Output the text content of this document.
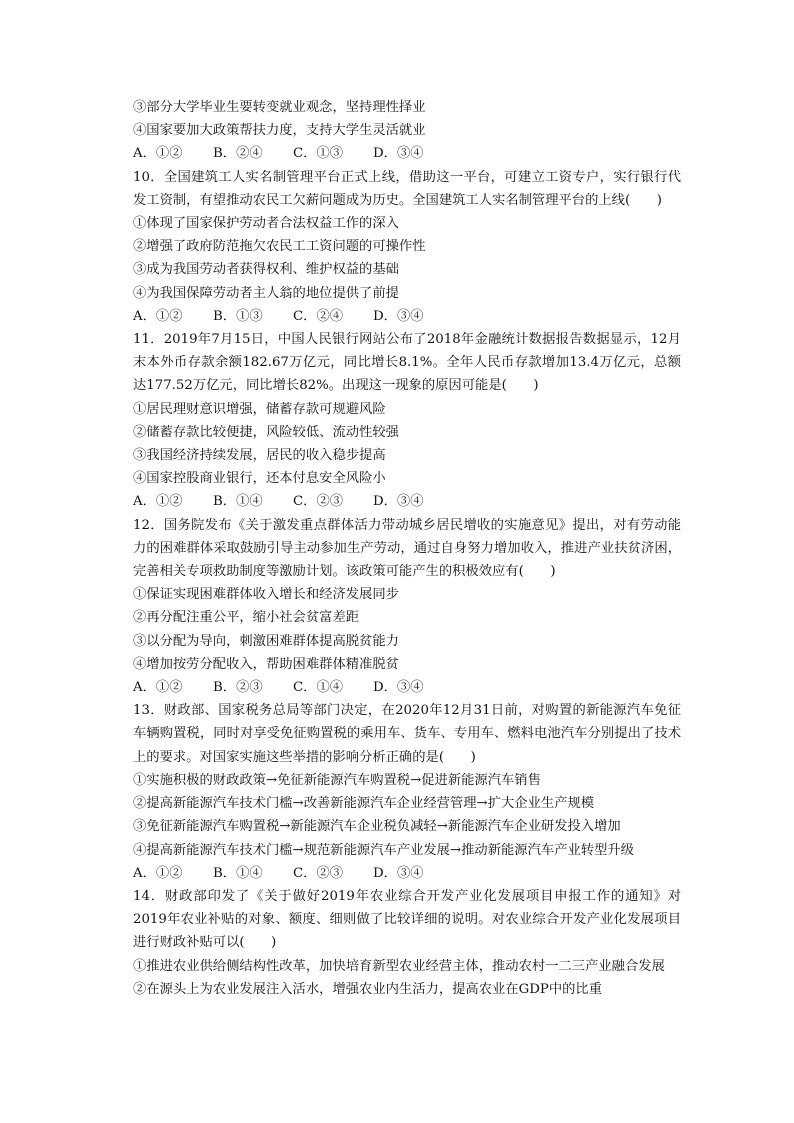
③部分大学毕业生要转变就业观念，坚持理性择业

④国家要加大政策帮扶力度，支持大学生灵活就业

A．①② B．②④ C．①③ D．③④

10．全国建筑工人实名制管理平台正式上线，借助这一平台，可建立工资专户，实行银行代发工资制，有望推动农民工欠薪问题成为历史。全国建筑工人实名制管理平台的上线(　　)

①体现了国家保护劳动者合法权益工作的深入

②增强了政府防范拖欠农民工工资问题的可操作性

③成为我国劳动者获得权利、维护权益的基础

④为我国保障劳动者主人翁的地位提供了前提

A．①② B．①③ C．②④ D．③④

11．2019年7月15日，中国人民银行网站公布了2018年金融统计数据报告数据显示，12月末本外币存款余额182.67万亿元，同比增长8.1%。全年人民币存款增加13.4万亿元，总额达177.52万亿元，同比增长82%。出现这一现象的原因可能是(　　)

①居民理财意识增强，储蓄存款可规避风险

②储蓄存款比较便捷，风险较低、流动性较强

③我国经济持续发展，居民的收入稳步提高

④国家控股商业银行，还本付息安全风险小

A．①② B．①④ C．②③ D．③④

12．国务院发布《关于激发重点群体活力带动城乡居民增收的实施意见》提出，对有劳动能力的困难群体采取鼓励引导主动参加生产劳动，通过自身努力增加收入，推进产业扶贫济困，完善相关专项救助制度等激励计划。该政策可能产生的积极效应有(　　)

①保证实现困难群体收入增长和经济发展同步

②再分配注重公平，缩小社会贫富差距

③以分配为导向，刺激困难群体提高脱贫能力

④增加按劳分配收入，帮助困难群体精准脱贫

A．①② B．②③ C．①④ D．③④

13．财政部、国家税务总局等部门决定，在2020年12月31日前，对购置的新能源汽车免征车辆购置税，同时对享受免征购置税的乘用车、货车、专用车、燃料电池汽车分别提出了技术上的要求。对国家实施这些举措的影响分析正确的是(　　)

①实施积极的财政政策→免征新能源汽车购置税→促进新能源汽车销售

②提高新能源汽车技术门槛→改善新能源汽车企业经营管理→扩大企业生产规模

③免征新能源汽车购置税→新能源汽车企业税负减轻→新能源汽车企业研发投入增加

④提高新能源汽车技术门槛→规范新能源汽车产业发展→推动新能源汽车产业转型升级

A．①② B．①④ C．②③ D．③④

14．财政部印发了《关于做好2019年农业综合开发产业化发展项目申报工作的通知》对2019年农业补贴的对象、额度、细则做了比较详细的说明。对农业综合开发产业化发展项目进行财政补贴可以(　　)

①推进农业供给侧结构性改革，加快培育新型农业经营主体，推动农村一二三产业融合发展

②在源头上为农业发展注入活水，增强农业内生活力，提高农业在GDP中的比重
